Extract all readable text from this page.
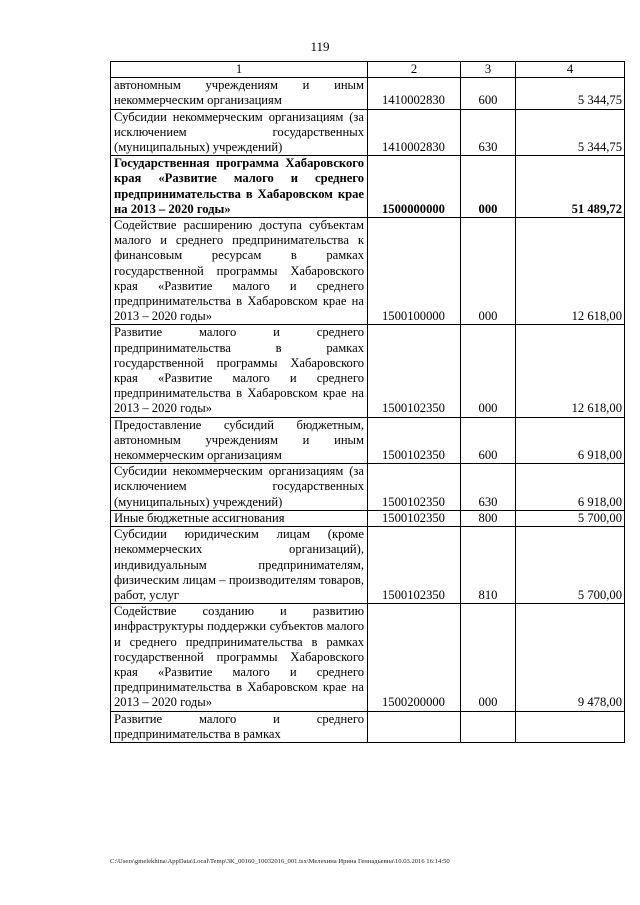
119
1	2	3	4
автономным учреждениям и иным некоммерческим организациям	1410002830	600	5 344,75
Субсидии некоммерческим организациям (за исключением государственных (муниципальных) учреждений)	1410002830	630	5 344,75
Государственная программа Хабаровского края «Развитие малого и среднего предпринимательства в Хабаровском крае на 2013 – 2020 годы»	1500000000	000	51 489,72
Содействие расширению доступа субъектам малого и среднего предпринимательства к финансовым ресурсам в рамках государственной программы Хабаровского края «Развитие малого и среднего предпринимательства в Хабаровском крае на 2013 – 2020 годы»	1500100000	000	12 618,00
Развитие малого и среднего предпринимательства в рамках государственной программы Хабаровского края «Развитие малого и среднего предпринимательства в Хабаровском крае на 2013 – 2020 годы»	1500102350	000	12 618,00
Предоставление субсидий бюджетным, автономным учреждениям и иным некоммерческим организациям	1500102350	600	6 918,00
Субсидии некоммерческим организациям (за исключением государственных (муниципальных) учреждений)	1500102350	630	6 918,00
Иные бюджетные ассигнования	1500102350	800	5 700,00
Субсидии юридическим лицам (кроме некоммерческих организаций), индивидуальным предпринимателям, физическим лицам – производителям товаров, работ, услуг	1500102350	810	5 700,00
Содействие созданию и развитию инфраструктуры поддержки субъектов малого и среднего предпринимательства в рамках государственной программы Хабаровского края «Развитие малого и среднего предпринимательства в Хабаровском крае на 2013 – 2020 годы»	1500200000	000	9 478,00
Развитие малого и среднего предпринимательства в рамках			
C:\Users\gmelekhina\AppData\Local\Temp\3K_00160_10032016_001.tsx\Мелехина Ирина Геннадьевна\10.03.2016 16:14:50
